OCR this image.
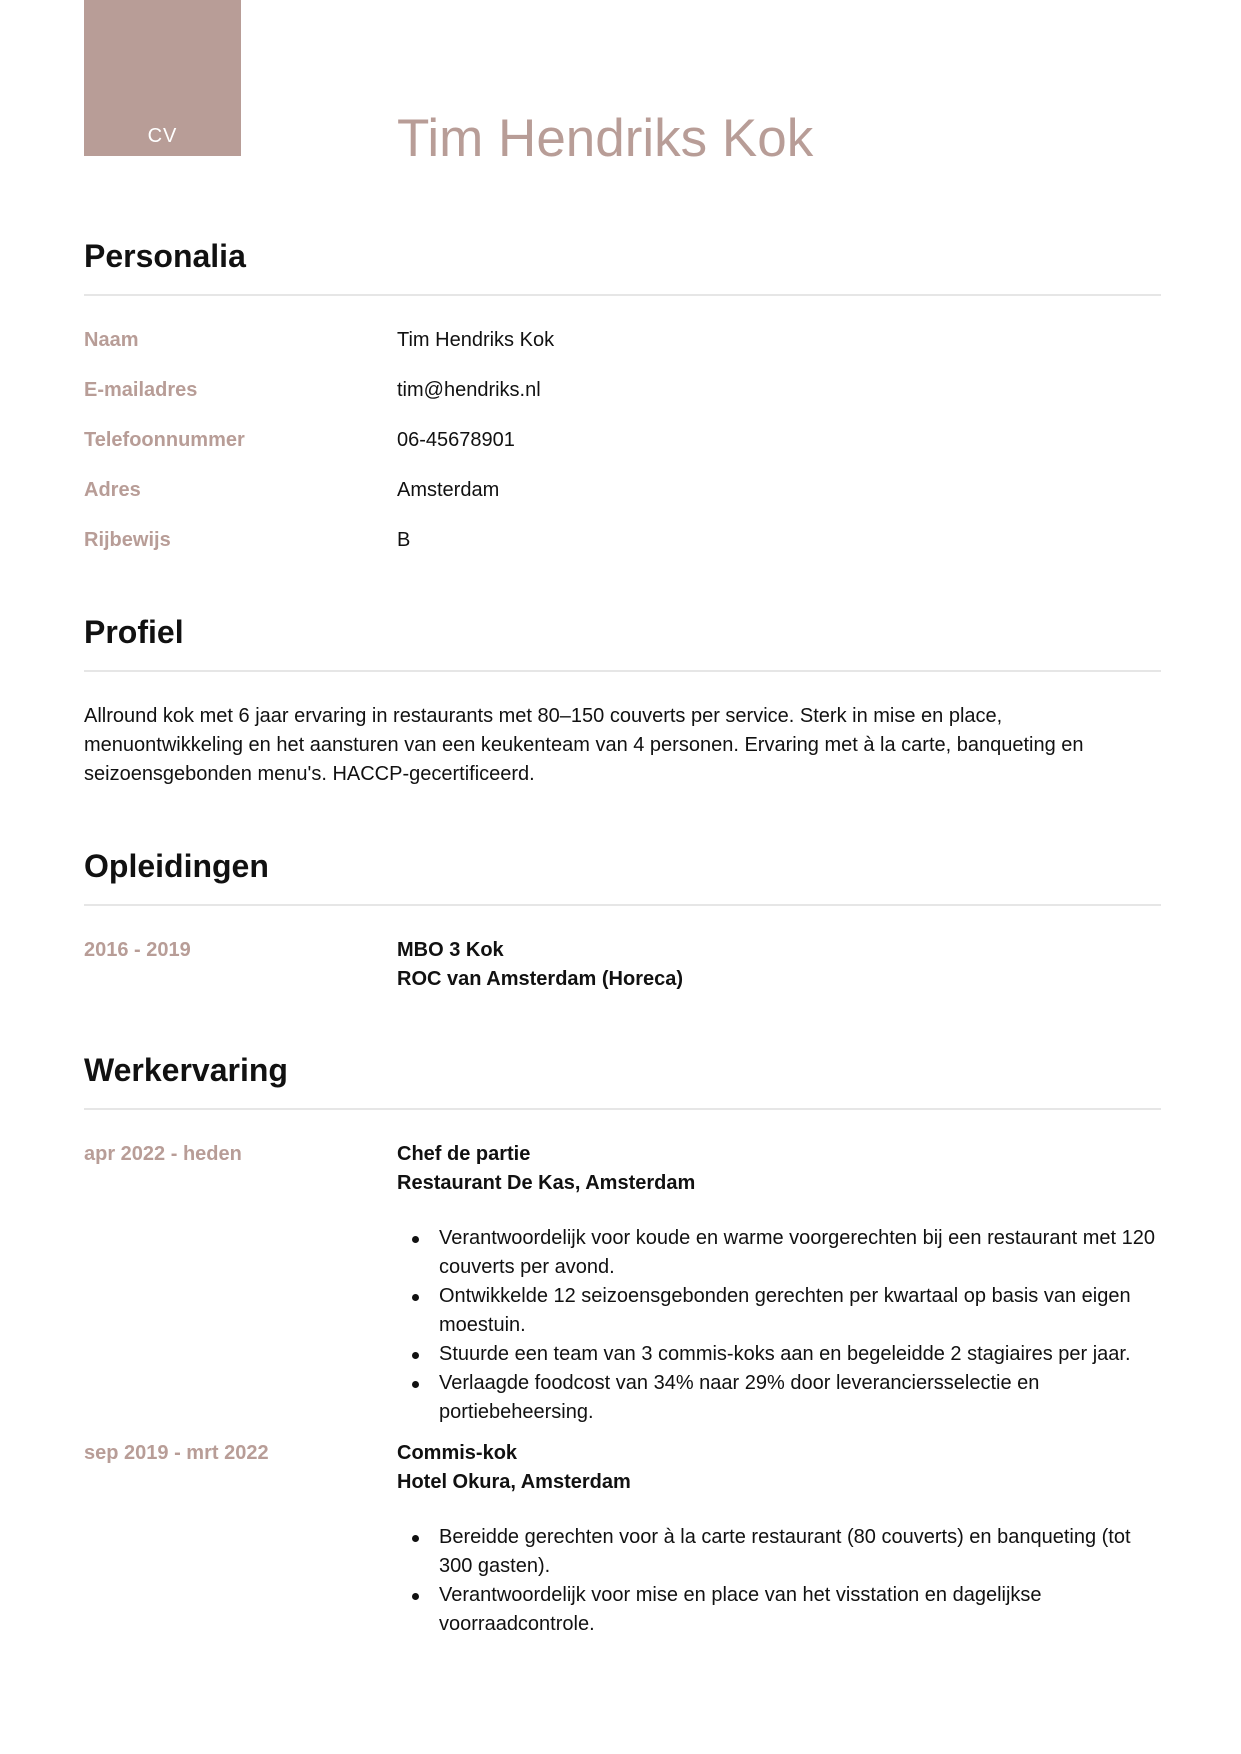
CV	Tim Hendriks Kok
Personalia
Naam	Tim Hendriks Kok
E-mailadres	tim@hendriks.nl
Telefoonnummer	06-45678901
Adres	Amsterdam
Rijbewijs	B
Profiel
Allround kok met 6 jaar ervaring in restaurants met 80–150 couverts per service. Sterk in mise en place, menuontwikkeling en het aansturen van een keukenteam van 4 personen. Ervaring met à la carte, banqueting en seizoensgebonden menu's. HACCP-gecertificeerd.
Opleidingen
2016 - 2019	MBO 3 Kok
ROC van Amsterdam (Horeca)
Werkervaring
apr 2022 - heden	Chef de partie
Restaurant De Kas, Amsterdam
Verantwoordelijk voor koude en warme voorgerechten bij een restaurant met 120 couverts per avond.
Ontwikkelde 12 seizoensgebonden gerechten per kwartaal op basis van eigen moestuin.
Stuurde een team van 3 commis-koks aan en begeleidde 2 stagiaires per jaar.
Verlaagde foodcost van 34% naar 29% door leveranciersselectie en portiebeheersing.
sep 2019 - mrt 2022	Commis-kok
Hotel Okura, Amsterdam
Bereidde gerechten voor à la carte restaurant (80 couverts) en banqueting (tot 300 gasten).
Verantwoordelijk voor mise en place van het visstation en dagelijkse voorraadcontrole.
